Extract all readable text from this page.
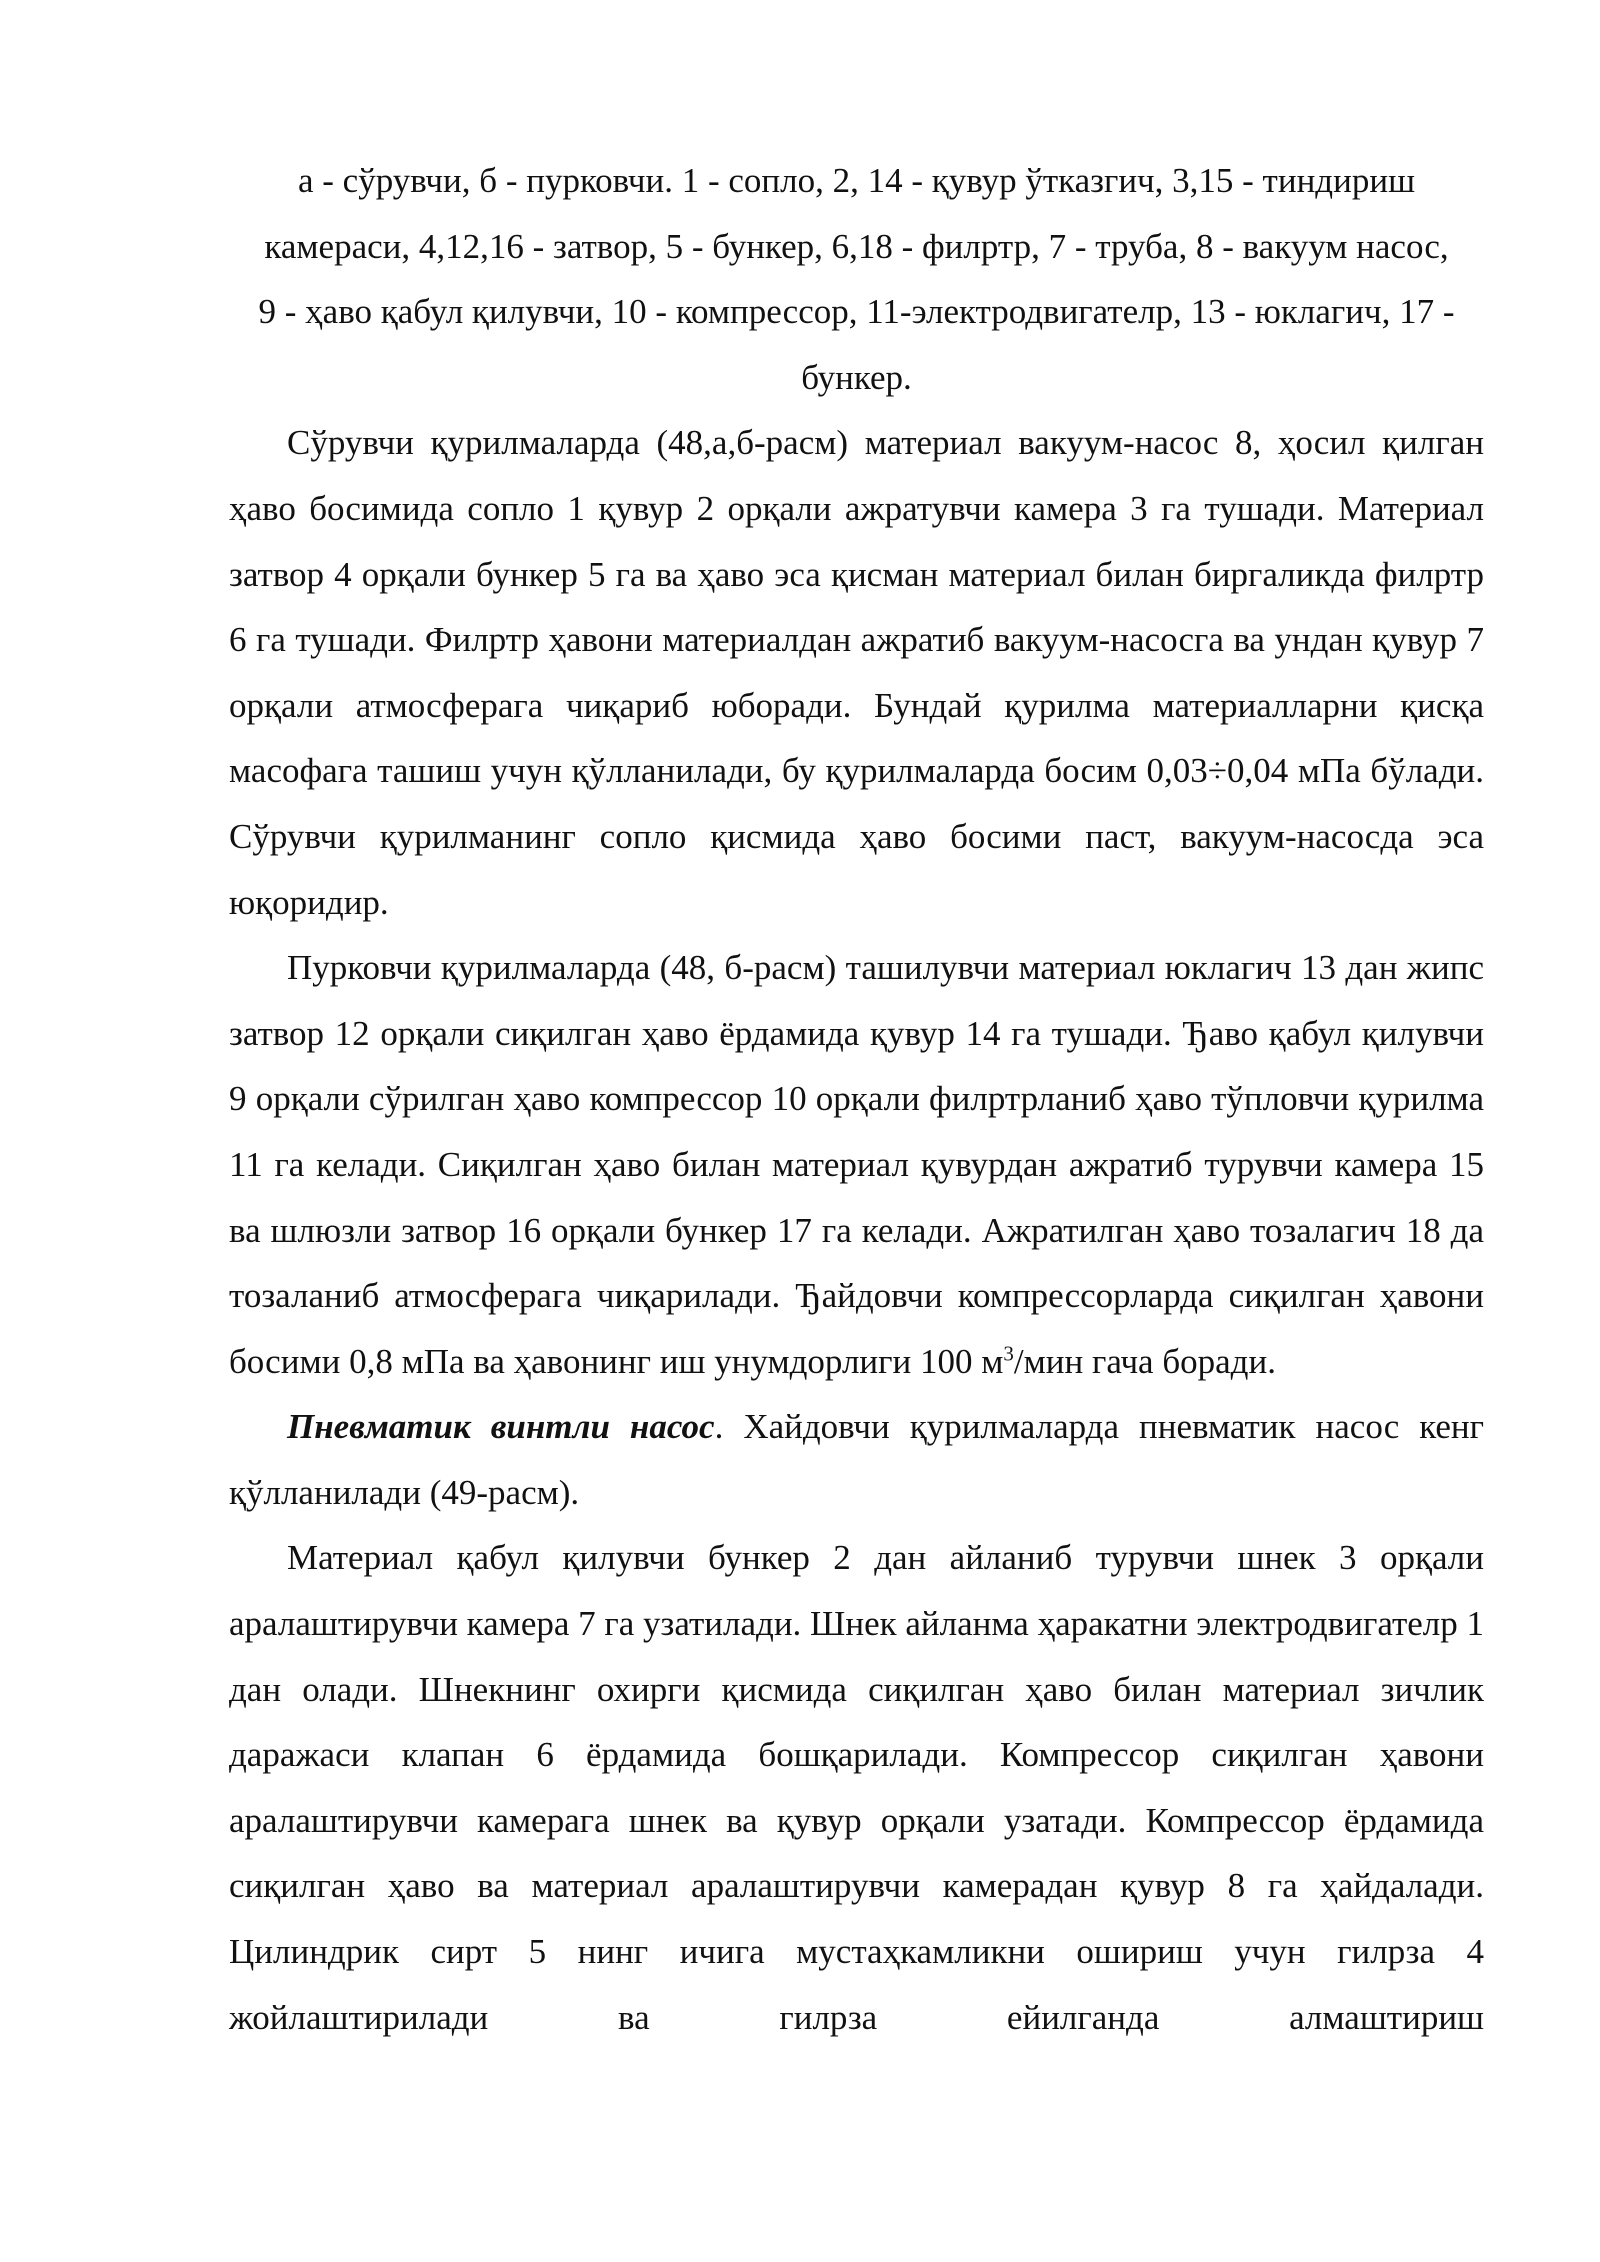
а - сўрувчи, б - пурковчи. 1 - сопло, 2, 14 - қувур ўтказгич, 3,15 - тиндириш камераси, 4,12,16 - затвор, 5 - бункер, 6,18 - филртр, 7 - труба, 8 - вакуум насос, 9 - ҳаво қабул қилувчи, 10 - компрессор, 11-электродвигателр, 13 - юклагич, 17 - бункер.

Сўрувчи қурилмаларда (48,а,б-расм) материал вакуум-насос 8, ҳосил қилган ҳаво босимида сопло 1 қувур 2 орқали ажратувчи камера 3 га тушади. Материал затвор 4 орқали бункер 5 га ва ҳаво эса қисман материал билан биргаликда филртр 6 га тушади. Филртр ҳавони материалдан ажратиб вакуум-насосга ва ундан қувур 7 орқали атмосферага чиқариб юборади. Бундай қурилма материалларни қисқа масофага ташиш учун қўлланилади, бу қурилмаларда босим 0,03÷0,04 мПа бўлади. Сўрувчи қурилманинг сопло қисмида ҳаво босими паст, вакуум-насосда эса юқоридир.

Пурковчи қурилмаларда (48, б-расм) ташилувчи материал юклагич 13 дан жипс затвор 12 орқали сиқилган ҳаво ёрдамида қувур 14 га тушади. Ђаво қабул қилувчи 9 орқали сўрилган ҳаво компрессор 10 орқали филртрланиб ҳаво тўпловчи қурилма 11 га келади. Сиқилган ҳаво билан материал қувурдан ажратиб турувчи камера 15 ва шлюзли затвор 16 орқали бункер 17 га келади. Ажратилган ҳаво тозалагич 18 да тозаланиб атмосферага чиқарилади. Ђайдовчи компрессорларда сиқилган ҳавони босими 0,8 мПа ва ҳавонинг иш унумдорлиги 100 $м^3$/мин гача боради.

Пневматик винтли насос. Хайдовчи қурилмаларда пневматик насос кенг қўлланилади (49-расм).

Материал қабул қилувчи бункер 2 дан айланиб турувчи шнек 3 орқали аралаштирувчи камера 7 га узатилади. Шнек айланма ҳаракатни электродвигателр 1 дан олади. Шнекнинг охирги қисмида сиқилган ҳаво билан материал зичлик даражаси клапан 6 ёрдамида бошқарилади. Компрессор сиқилган ҳавони аралаштирувчи камерага шнек ва қувур орқали узатади. Компрессор ёрдамида сиқилган ҳаво ва материал аралаштирувчи камерадан қувур 8 га ҳайдалади. Цилиндрик сирт 5 нинг ичига мустаҳкамликни ошириш учун гилрза 4 жойлаштирилади ва гилрза ейилганда алмаштириш
